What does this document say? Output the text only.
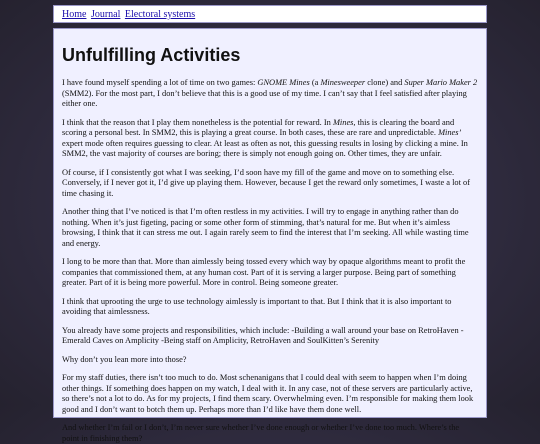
Home Journal Electoral systems
Unfulfilling Activities

I have found myself spending a lot of time on two games: GNOME Mines (a Minesweeper clone) and Super Mario Maker 2 (SMM2). For the most part, I don’t believe that this is a good use of my time. I can’t say that I feel satisfied after playing either one.

I think that the reason that I play them nonetheless is the potential for reward. In Mines, this is clearing the board and scoring a personal best. In SMM2, this is playing a great course. In both cases, these are rare and unpredictable. Mines’ expert mode often requires guessing to clear. At least as often as not, this guessing results in losing by clicking a mine. In SMM2, the vast majority of courses are boring; there is simply not enough going on. Other times, they are unfair.

Of course, if I consistently got what I was seeking, I’d soon have my fill of the game and move on to something else. Conversely, if I never got it, I’d give up playing them. However, because I get the reward only sometimes, I waste a lot of time chasing it.

Another thing that I’ve noticed is that I’m often restless in my activities. I will try to engage in anything rather than do nothing. When it’s just figeting, pacing or some other form of stimming, that’s natural for me. But when it’s aimless browsing, I think that it can stress me out. I again rarely seem to find the interest that I’m seeking. All while wasting time and energy.

I long to be more than that. More than aimlessly being tossed every which way by opaque algorithms meant to profit the companies that commissioned them, at any human cost. Part of it is serving a larger purpose. Being part of something greater. Part of it is being more powerful. More in control. Being someone greater.

I think that uprooting the urge to use technology aimlessly is important to that. But I think that it is also important to avoiding that aimlessness.

You already have some projects and responsibilities, which include: -Building a wall around your base on RetroHaven -Emerald Caves on Amplicity -Being staff on Amplicity, RetroHaven and SoulKitten’s Serenity

Why don’t you lean more into those?

For my staff duties, there isn’t too much to do. Most schenanigans that I could deal with seem to happen when I’m doing other things. If something does happen on my watch, I deal with it. In any case, not of these servers are particularly active, so there’s not a lot to do. As for my projects, I find them scary. Overwhelming even. I’m responsible for making them look good and I don’t want to botch them up. Perhaps more than I’d like have them done well.

And whether I’m fail or I don’t, I’m never sure whether I’ve done enough or whether I’ve done too much. Where’s the point in finishing them?
